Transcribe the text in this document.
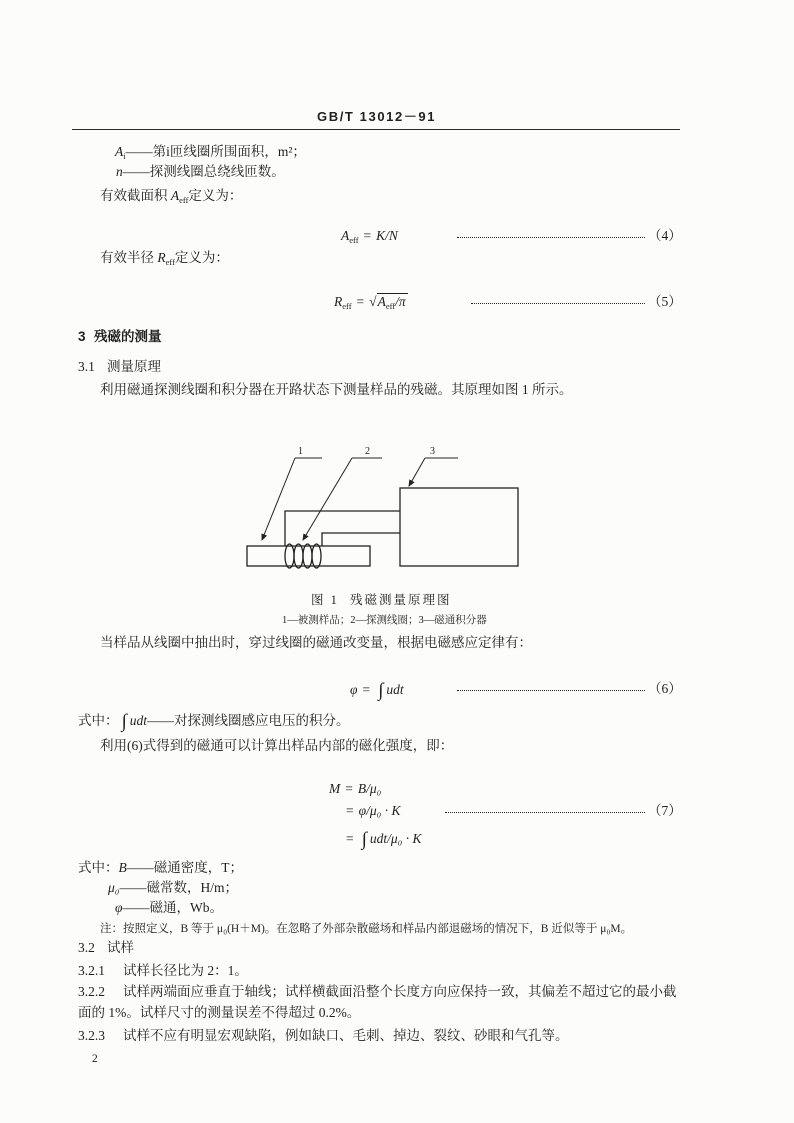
GB/T 13012－91
$A_i——$第i匝线圈所围面积，m²；
n——探测线圈总绕线匝数。
有效截面积 $A_{eff}$定义为：
$A_{eff} = K/N$	（4）
有效半径 $R_{eff}$定义为：
$R_{eff} = √A_{eff}/\pi$	（5）
3 残磁的测量
3.1 测量原理
利用磁通探测线圈和积分器在开路状态下测量样品的残磁。其原理如图 1 所示。
1	2	3
图 1 残磁测量原理图
1—被测样品；2—探测线圈；3—磁通积分器
当样品从线圈中抽出时，穿过线圈的磁通改变量，根据电磁感应定律有：
φ = ∫ udt	（6）
式中： ∫ udt——对探测线圈感应电压的积分。
利用(6)式得到的磁通可以计算出样品内部的磁化强度，即：
M = B/μ₀
= φ/μ₀ · K	（7）
= ∫ udt/μ₀ · K
式中：B——磁通密度，T；
μ₀——磁常数，H/m；
φ——磁通，Wb。
注：按照定义，B 等于 μ₀(H＋M)。在忽略了外部杂散磁场和样品内部退磁场的情况下，B 近似等于 μ₀M。
3.2 试样
3.2.1 试样长径比为 2：1。
3.2.2 试样两端面应垂直于轴线；试样横截面沿整个长度方向应保持一致，其偏差不超过它的最小截
面的 1%。试样尺寸的测量误差不得超过 0.2%。
3.2.3 试样不应有明显宏观缺陷，例如缺口、毛刺、掉边、裂纹、砂眼和气孔等。
2
